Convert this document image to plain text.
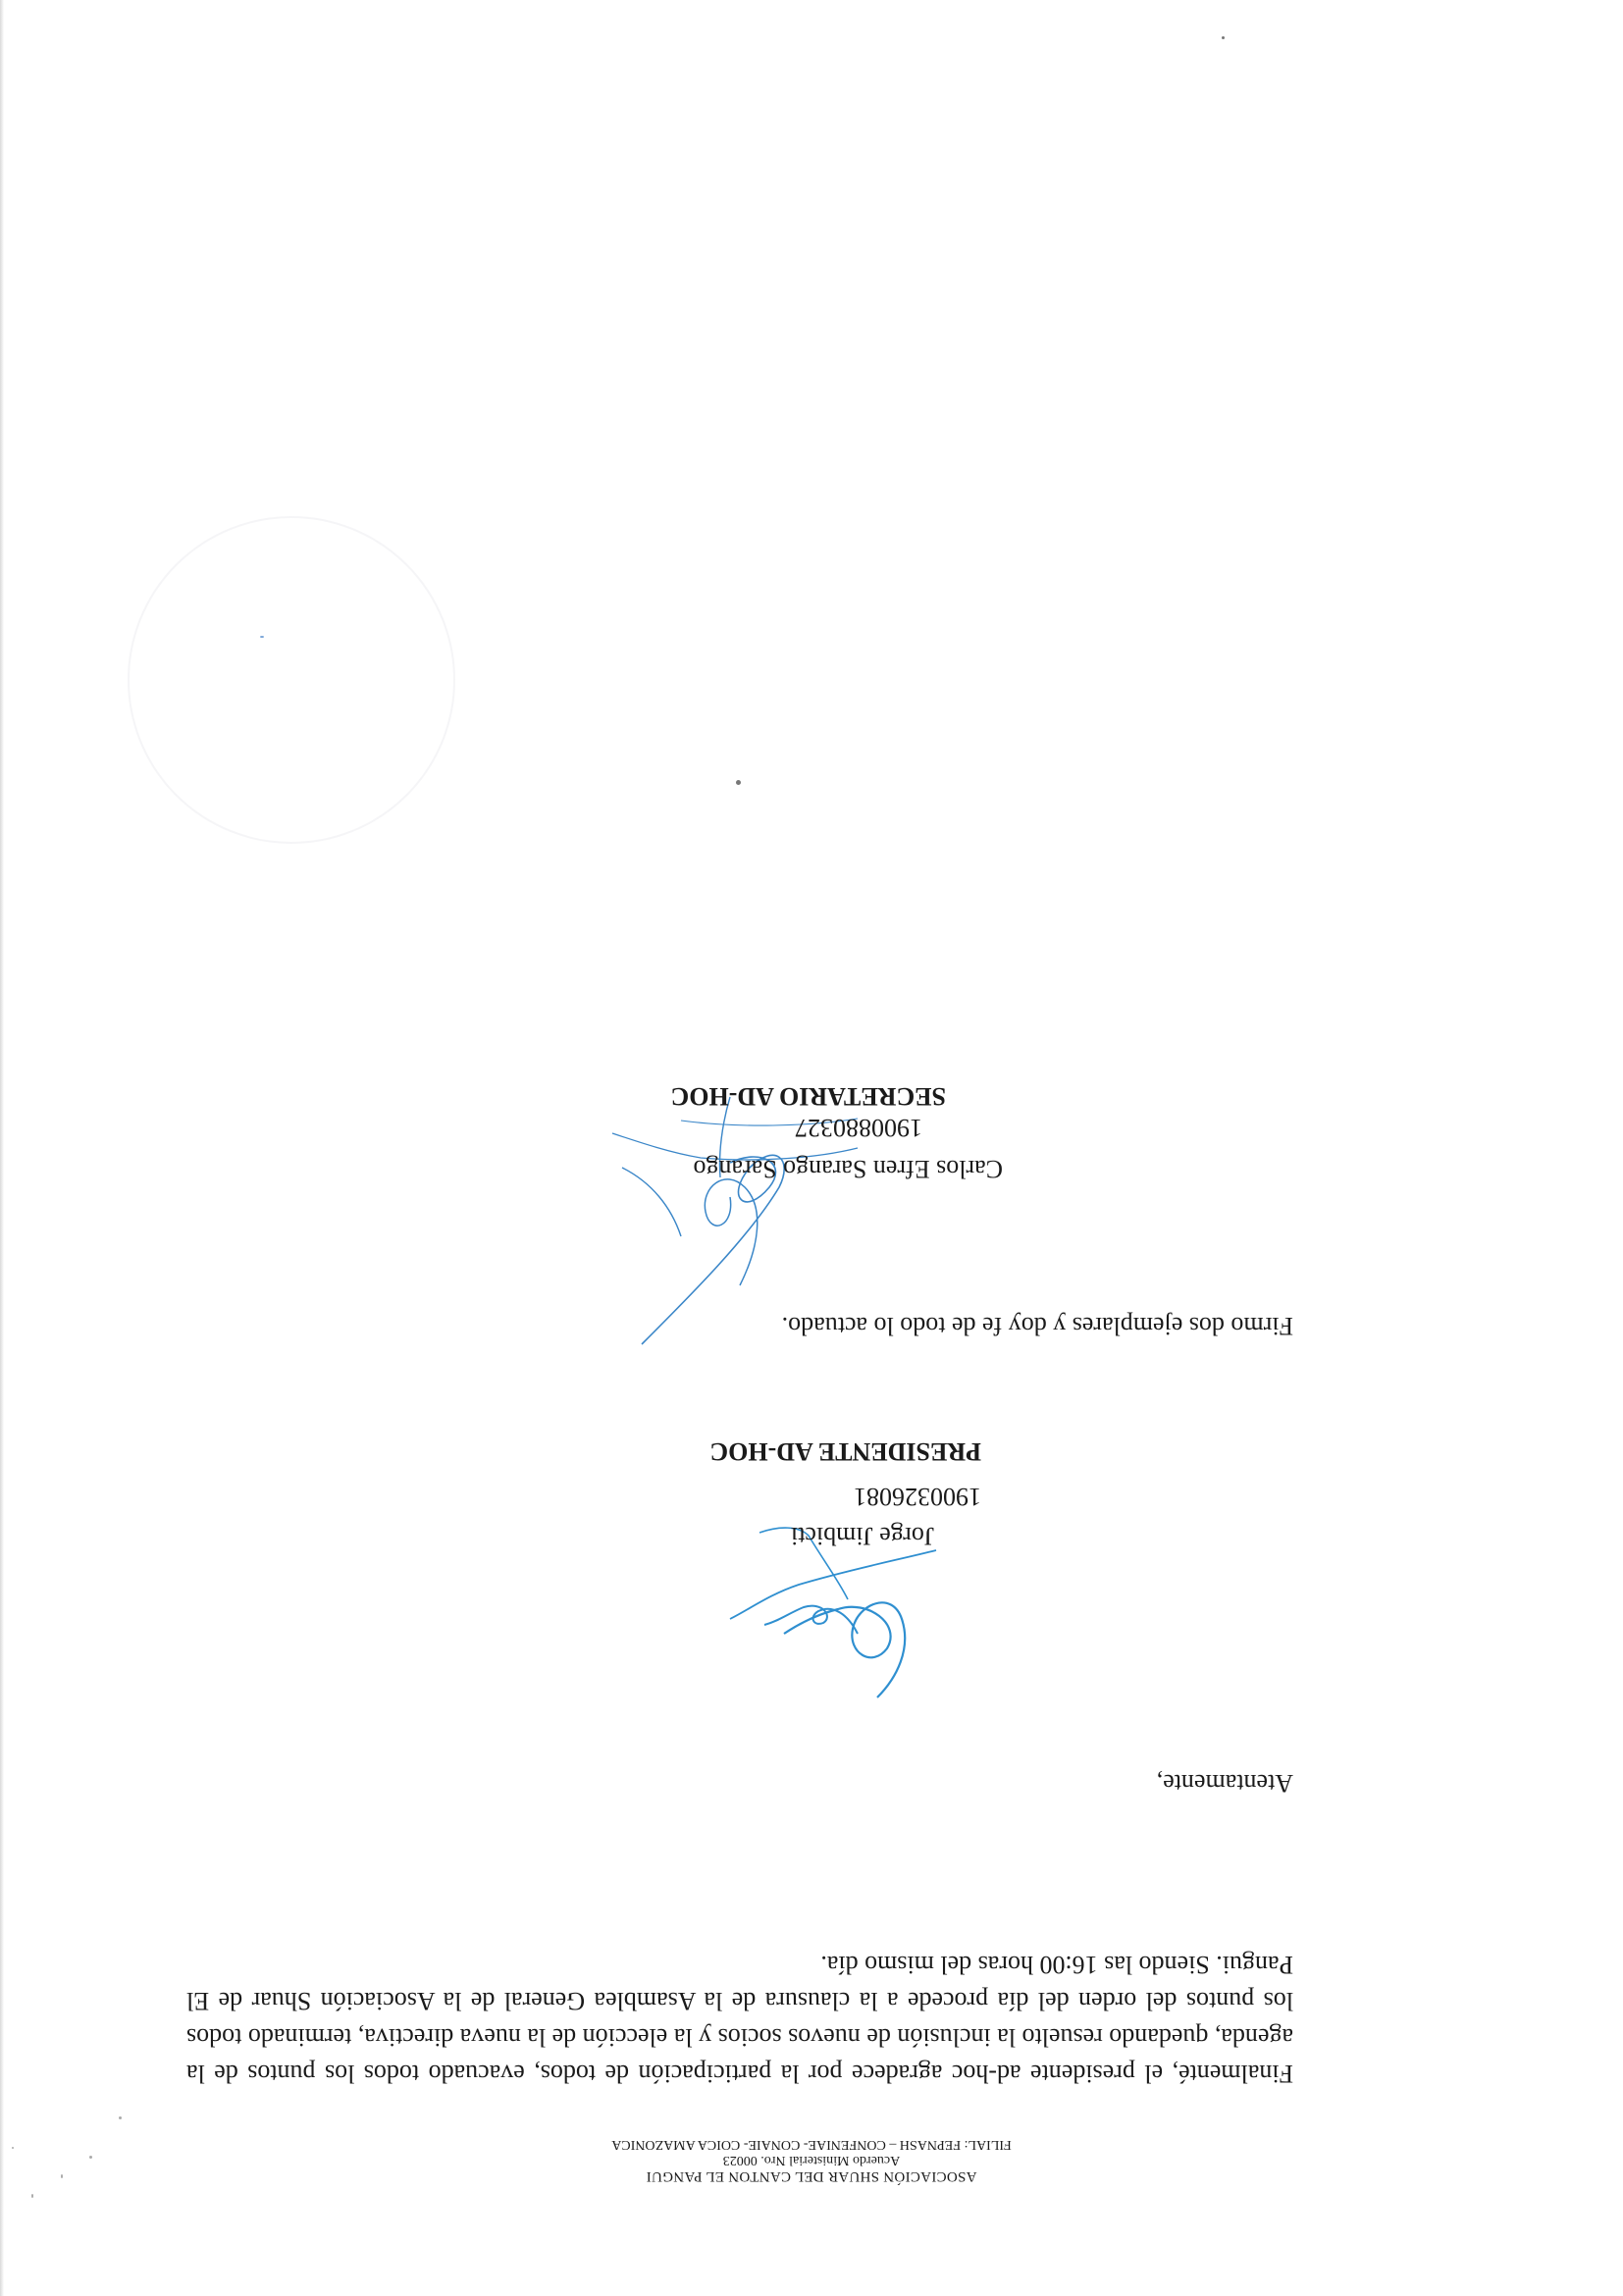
ASOCIACIÓN SHUAR DEL CANTON EL PANGUI
Acuerdo Ministerial Nro. 00023
FILIAL: FEPNASH – CONFENIAE- CONAIE- COICA AMAZONICA

Finalmenté, el presidente ad-hoc agradece por la participación de todos, evacuado todos los puntos de la agenda, quedando resuelto la inclusión de nuevos socios y la elección de la nueva directiva, terminado todos los puntos del orden del día procede a la clausura de la Asamblea General de la Asociación Shuar de El Pangui. Siendo las 16:00 horas del mismo día.

Atentamente,

Jorge Jimbicti
1900326081
PRESIDENTE AD-HOC
Firmo dos ejemplares y doy fe de todo lo actuado.
Carlos Efren Sarango Sarango
1900880327
SECRETARIO AD-HOC
